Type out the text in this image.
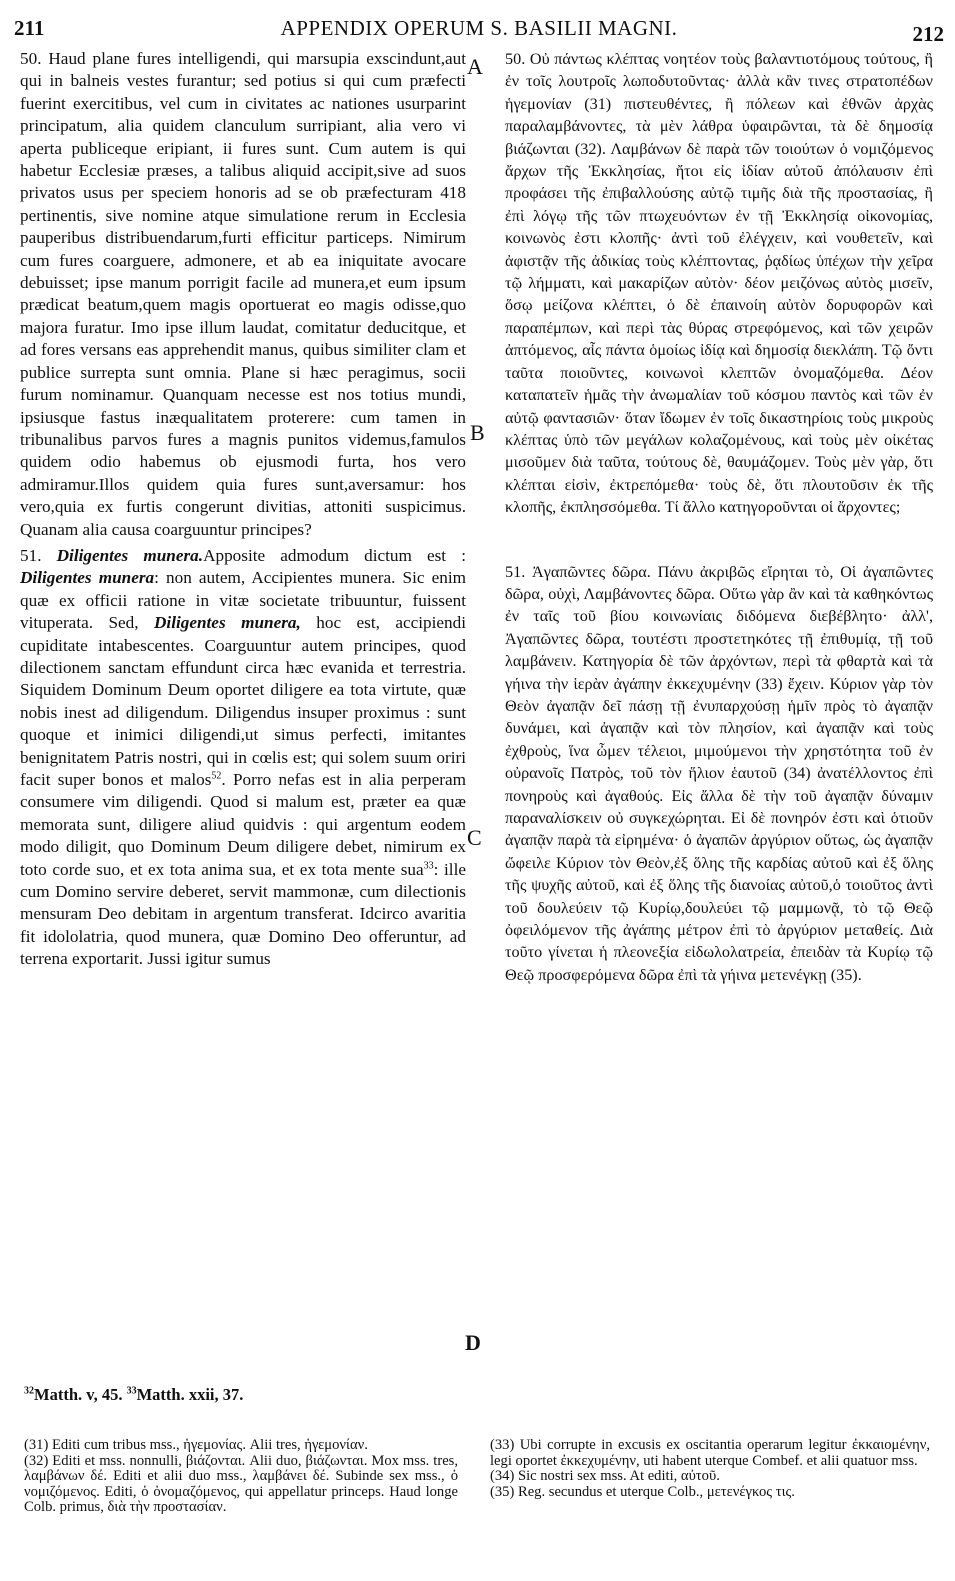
211	APPENDIX OPERUM S. BASILII MAGNI.	212

50. Haud plane fures intelligendi, qui marsupia exscindunt,aut qui in balneis vestes furantur; sed potius si qui cum præfecti fuerint exercitibus, vel cum in civitates ac nationes usurparint principatum, alia quidem clanculum surripiant, alia vero vi aperta publiceque eripiant, ii fures sunt. Cum autem is qui habetur Ecclesiæ præses, a talibus aliquid accipit,sive ad suos privatos usus per speciem honoris ad se ob præfecturam 418 pertinentis, sive nomine atque simulatione rerum in Ecclesia pauperibus distribuendarum,furti efficitur particeps. Nimirum cum fures coarguere, admonere, et ab ea iniquitate avocare debuisset; ipse manum porrigit facile ad munera,et eum ipsum prædicat beatum,quem magis oportuerat eo magis odisse,quo majora furatur. Imo ipse illum laudat, comitatur deducitque, et ad fores versans eas apprehendit manus, quibus similiter clam et publice surrepta sunt omnia. Plane si hæc peragimus, socii furum nominamur. Quanquam necesse est nos totius mundi, ipsiusque fastus inæqualitatem proterere: cum tamen in tribunalibus parvos fures a magnis punitos videmus,famulos quidem odio habemus ob ejusmodi furta, hos vero admiramur.Illos quidem quia fures sunt,aversamur: hos vero,quia ex furtis congerunt divitias, attoniti suspicimus. Quanam alia causa coarguuntur principes?

51. Diligentes munera.Apposite admodum dictum est : Diligentes munera: non autem, Accipientes munera. Sic enim quæ ex officii ratione in vitæ societate tribuuntur, fuissent vituperata. Sed, Diligentes munera, hoc est, accipiendi cupiditate intabescentes. Coarguuntur autem principes, quod dilectionem sanctam effundunt circa hæc evanida et terrestria. Siquidem Dominum Deum oportet diligere ea tota virtute, quæ nobis inest ad diligendum. Diligendus insuper proximus : sunt quoque et inimici diligendi,ut simus perfecti, imitantes benignitatem Patris nostri, qui in cœlis est; qui solem suum oriri facit super bonos et malos$^{52}$. Porro nefas est in alia perperam consumere vim diligendi. Quod si malum est, præter ea quæ memorata sunt, diligere aliud quidvis : qui argentum eodem modo diligit, quo Dominum Deum diligere debet, nimirum ex toto corde suo, et ex tota anima sua, et ex tota mente sua$^{33}$: ille cum Domino servire deberet, servit mammonæ, cum dilectionis mensuram Deo debitam in argentum transferat. Idcirco avaritia fit idololatria, quod munera, quæ Domino Deo offeruntur, ad terrena exportarit. Jussi igitur sumus

A
B
C
D

50. Οὐ πάντως κλέπτας νοητέον τοὺς βαλαντιοτόμους τούτους, ἢ ἐν τοῖς λουτροῖς λωποδυτοῦντας· ἀλλὰ κἂν τινες στρατοπέδων ἡγεμονίαν (31) πιστευθέντες, ἢ πόλεων καὶ ἐθνῶν ἀρχὰς παραλαμβάνοντες, τὰ μὲν λάθρα ὑφαιρῶνται, τὰ δὲ δημοσίᾳ βιάζωνται (32). Λαμβάνων δὲ παρὰ τῶν τοιούτων ὁ νομιζόμενος ἄρχων τῆς Ἐκκλησίας, ἤτοι εἰς ἰδίαν αὐτοῦ ἀπόλαυσιν ἐπὶ προφάσει τῆς ἐπιβαλλούσης αὐτῷ τιμῆς διὰ τῆς προστασίας, ἢ ἐπὶ λόγῳ τῆς τῶν πτωχευόντων ἐν τῇ Ἐκκλησίᾳ οἰκονομίας, κοινωνὸς ἐστι κλοπῆς· ἀντὶ τοῦ ἐλέγχειν, καὶ νουθετεῖν, καὶ ἀφιστᾷν τῆς ἀδικίας τοὺς κλέπτοντας, ῥᾳδίως ὑπέχων τὴν χεῖρα τῷ λήμματι, καὶ μακαρίζων αὐτὸν· δέον μειζόνως αὐτὸς μισεῖν, ὅσῳ μείζονα κλέπτει, ὁ δὲ ἐπαινοίη αὐτὸν δορυφορῶν καὶ παραπέμπων, καὶ περὶ τὰς θύρας στρεφόμενος, καὶ τῶν χειρῶν ἀπτόμενος, αἷς πάντα ὁμοίως ἰδίᾳ καὶ δημοσίᾳ διεκλάπη. Τῷ ὄντι ταῦτα ποιοῦντες, κοινωνοὶ κλεπτῶν ὀνομαζόμεθα. Δέον καταπατεῖν ἡμᾶς τὴν ἀνωμαλίαν τοῦ κόσμου παντὸς καὶ τῶν ἐν αὐτῷ φαντασιῶν· ὅταν ἴδωμεν ἐν τοῖς δικαστηρίοις τοὺς μικροὺς κλέπτας ὑπὸ τῶν μεγάλων κολαζομένους, καὶ τοὺς μὲν οἰκέτας μισοῦμεν διὰ ταῦτα, τούτους δὲ, θαυμάζομεν. Τοὺς μὲν γὰρ, ὅτι κλέπται εἰσὶν, ἐκτρεπόμεθα· τοὺς δὲ, ὅτι πλουτοῦσιν ἐκ τῆς κλοπῆς, ἐκπλησσόμεθα. Τί ἄλλο κατηγοροῦνται οἱ ἄρχοντες;

51. Ἀγαπῶντες δῶρα. Πάνυ ἀκριβῶς εἴρηται τὸ, Οἱ ἀγαπῶντες δῶρα, οὐχὶ, Λαμβάνοντες δῶρα. Οὕτω γὰρ ἂν καὶ τὰ καθηκόντως ἐν ταῖς τοῦ βίου κοινωνίαις διδόμενα διεβέβλητο· ἀλλ', Ἀγαπῶντες δῶρα, τουτέστι προστετηκότες τῇ ἐπιθυμίᾳ, τῇ τοῦ λαμβάνειν. Κατηγορία δὲ τῶν ἀρχόντων, περὶ τὰ φθαρτὰ καὶ τὰ γήινα τὴν ἱερὰν ἀγάπην ἐκκεχυμένην (33) ἔχειν. Κύριον γὰρ τὸν Θεὸν ἀγαπᾷν δεῖ πάσῃ τῇ ἐνυπαρχούσῃ ἡμῖν πρὸς τὸ ἀγαπᾷν δυνάμει, καὶ ἀγαπᾷν καὶ τὸν πλησίον, καὶ ἀγαπᾷν καὶ τοὺς ἐχθροὺς, ἵνα ὦμεν τέλειοι, μιμούμενοι τὴν χρηστότητα τοῦ ἐν οὐρανοῖς Πατρὸς, τοῦ τὸν ἥλιον ἑαυτοῦ (34) ἀνατέλλοντος ἐπὶ πονηροὺς καὶ ἀγαθούς. Εἰς ἄλλα δὲ τὴν τοῦ ἀγαπᾷν δύναμιν παραναλίσκειν οὐ συγκεχώρηται. Εἰ δὲ πονηρόν ἐστι καὶ ὁτιοῦν ἀγαπᾷν παρὰ τὰ εἰρημένα· ὁ ἀγαπῶν ἀργύριον οὕτως, ὡς ἀγαπᾷν ὤφειλε Κύριον τὸν Θεὸν,ἐξ ὅλης τῆς καρδίας αὐτοῦ καὶ ἐξ ὅλης τῆς ψυχῆς αὐτοῦ, καὶ ἐξ ὅλης τῆς διανοίας αὐτοῦ,ὁ τοιοῦτος ἀντὶ τοῦ δουλεύειν τῷ Κυρίῳ,δουλεύει τῷ μαμμωνᾷ, τὸ τῷ Θεῷ ὀφειλόμενον τῆς ἀγάπης μέτρον ἐπὶ τὸ ἀργύριον μεταθείς. Διὰ τοῦτο γίνεται ἡ πλεονεξία εἰδωλολατρεία, ἐπειδὰν τὰ Κυρίῳ τῷ Θεῷ προσφερόμενα δῶρα ἐπὶ τὰ γήινα μετενέγκῃ (35).

$^{32}$Matth. v, 45. $^{33}$Matth. xxii, 37.

(31) Editi cum tribus mss., ἡγεμονίας. Alii tres, ἡγεμονίαν.

(32) Editi et mss. nonnulli, βιάζονται. Alii duo, βιάζωνται. Mox mss. tres, λαμβάνων δέ. Editi et alii duo mss., λαμβάνει δέ. Subinde sex mss., ὁ νομιζόμενος. Editi, ὁ ὀνομαζόμενος, qui appellatur princeps. Haud longe Colb. primus, διὰ τὴν προστασίαν.

(33) Ubi corrupte in excusis ex oscitantia operarum legitur ἐκκαιομένην, legi oportet ἐκκεχυμένην, uti habent uterque Combef. et alii quatuor mss.

(34) Sic nostri sex mss. At editi, αὐτοῦ.

(35) Reg. secundus et uterque Colb., μετενέγκος τις.
